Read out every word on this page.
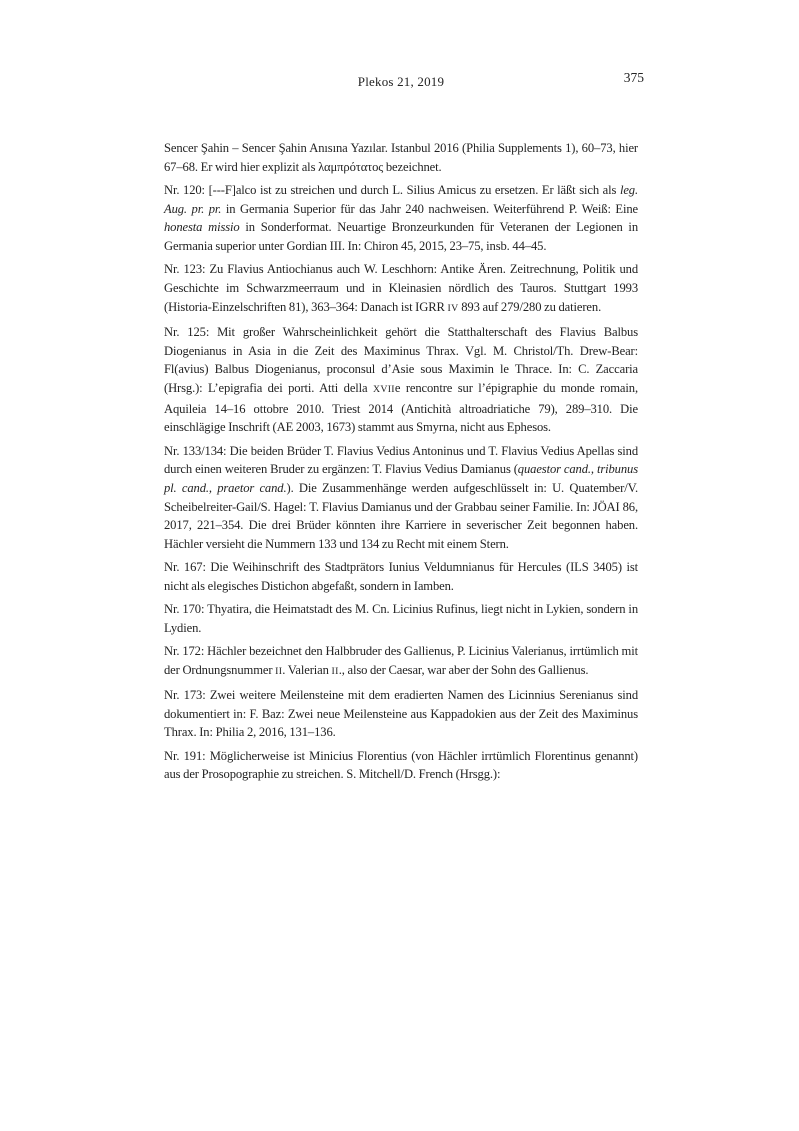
Plekos 21, 2019	375

Sencer Şahin – Sencer Şahin Anısına Yazılar. Istanbul 2016 (Philia Supplements 1), 60–73, hier 67–68. Er wird hier explizit als λαμπρότατος bezeichnet.

Nr. 120: [---F]alco ist zu streichen und durch L. Silius Amicus zu ersetzen. Er läßt sich als leg. Aug. pr. pr. in Germania Superior für das Jahr 240 nachweisen. Weiterführend P. Weiß: Eine honesta missio in Sonderformat. Neuartige Bronzeurkunden für Veteranen der Legionen in Germania superior unter Gordian III. In: Chiron 45, 2015, 23–75, insb. 44–45.

Nr. 123: Zu Flavius Antiochianus auch W. Leschhorn: Antike Ären. Zeitrechnung, Politik und Geschichte im Schwarzmeerraum und in Kleinasien nördlich des Tauros. Stuttgart 1993 (Historia-Einzelschriften 81), 363–364: Danach ist IGRR IV 893 auf 279/280 zu datieren.

Nr. 125: Mit großer Wahrscheinlichkeit gehört die Statthalterschaft des Flavius Balbus Diogenianus in Asia in die Zeit des Maximinus Thrax. Vgl. M. Christol/Th. Drew-Bear: Fl(avius) Balbus Diogenianus, proconsul d’Asie sous Maximin le Thrace. In: C. Zaccaria (Hrsg.): L’epigrafia dei porti. Atti della XVIIe rencontre sur l’épigraphie du monde romain, Aquileia 14–16 ottobre 2010. Triest 2014 (Antichità altroadriatiche 79), 289–310. Die einschlägige Inschrift (AE 2003, 1673) stammt aus Smyrna, nicht aus Ephesos.

Nr. 133/134: Die beiden Brüder T. Flavius Vedius Antoninus und T. Flavius Vedius Apellas sind durch einen weiteren Bruder zu ergänzen: T. Flavius Vedius Damianus (quaestor cand., tribunus pl. cand., praetor cand.). Die Zusammenhänge werden aufgeschlüsselt in: U. Quatember/V. Scheibelreiter-Gail/S. Hagel: T. Flavius Damianus und der Grabbau seiner Familie. In: JÖAI 86, 2017, 221–354. Die drei Brüder könnten ihre Karriere in severischer Zeit begonnen haben. Hächler versieht die Nummern 133 und 134 zu Recht mit einem Stern.

Nr. 167: Die Weihinschrift des Stadtprätors Iunius Veldumnianus für Hercules (ILS 3405) ist nicht als elegisches Distichon abgefaßt, sondern in Iamben.

Nr. 170: Thyatira, die Heimatstadt des M. Cn. Licinius Rufinus, liegt nicht in Lykien, sondern in Lydien.

Nr. 172: Hächler bezeichnet den Halbbruder des Gallienus, P. Licinius Valerianus, irrtümlich mit der Ordnungsnummer II. Valerian II., also der Caesar, war aber der Sohn des Gallienus.

Nr. 173: Zwei weitere Meilensteine mit dem eradierten Namen des Licinnius Serenianus sind dokumentiert in: F. Baz: Zwei neue Meilensteine aus Kappadokien aus der Zeit des Maximinus Thrax. In: Philia 2, 2016, 131–136.

Nr. 191: Möglicherweise ist Minicius Florentius (von Hächler irrtümlich Florentinus genannt) aus der Prosopographie zu streichen. S. Mitchell/D. French (Hrsgg.):
